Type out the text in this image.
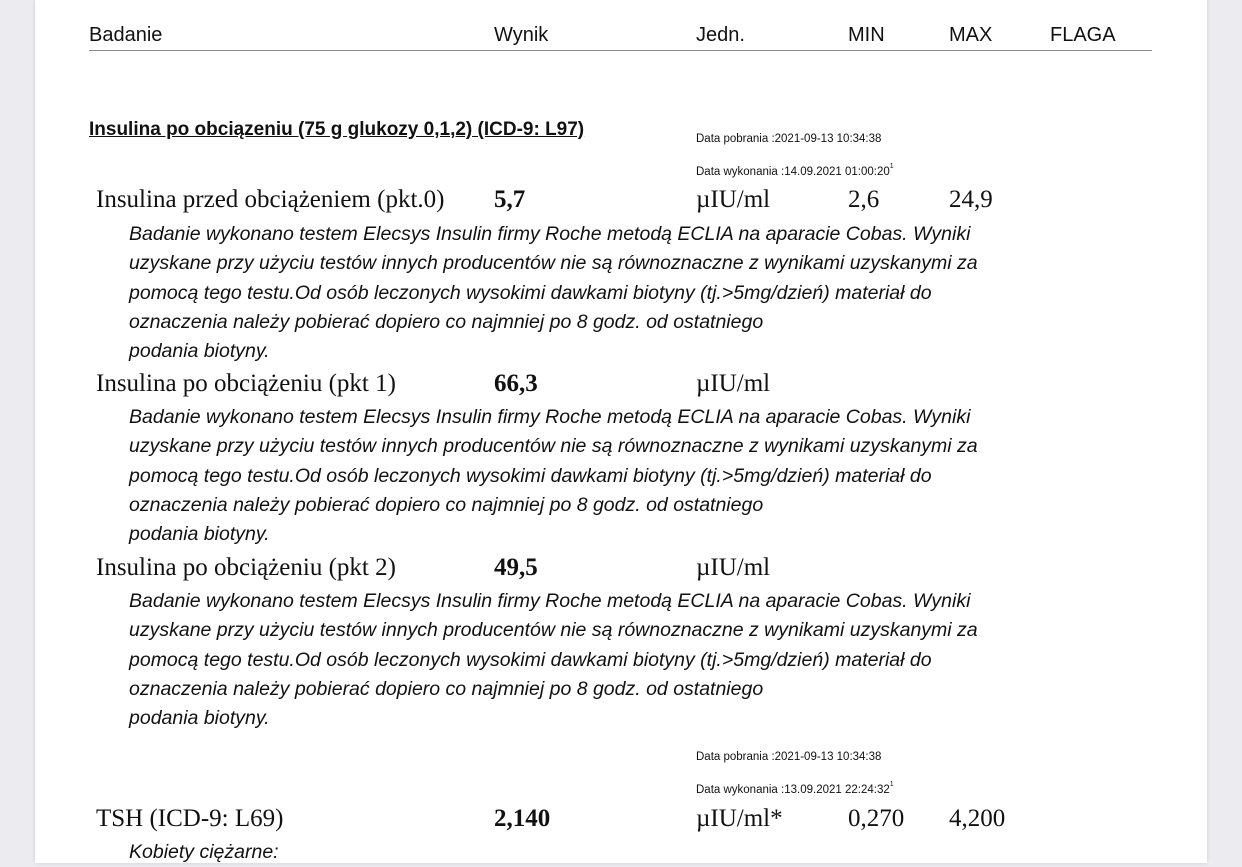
Badanie	Wynik	Jedn.	MIN	MAX	FLAGA
Insulina po obciązeniu (75 g glukozy 0,1,2) (ICD-9: L97)	Data pobrania :2021-09-13 10:34:38
Data wykonania :14.09.2021 $01:00:20^1$
Insulina przed obciążeniem (pkt.0) 5,7	µIU/ml	2,6	24,9
Badanie wykonano testem Elecsys Insulin firmy Roche metodą ECLIA na aparacie Cobas. Wyniki
uzyskane przy użyciu testów innych producentów nie są równoznaczne z wynikami uzyskanymi za
pomocą tego testu.Od osób leczonych wysokimi dawkami biotyny (tj.>5mg/dzień) materiał do
oznaczenia należy pobierać dopiero co najmniej po 8 godz. od ostatniego
podania biotyny.
Insulina po obciążeniu (pkt 1)	66,3	µIU/ml
Badanie wykonano testem Elecsys Insulin firmy Roche metodą ECLIA na aparacie Cobas. Wyniki
uzyskane przy użyciu testów innych producentów nie są równoznaczne z wynikami uzyskanymi za
pomocą tego testu.Od osób leczonych wysokimi dawkami biotyny (tj.>5mg/dzień) materiał do
oznaczenia należy pobierać dopiero co najmniej po 8 godz. od ostatniego
podania biotyny.
Insulina po obciążeniu (pkt 2)	49,5	µIU/ml
Badanie wykonano testem Elecsys Insulin firmy Roche metodą ECLIA na aparacie Cobas. Wyniki
uzyskane przy użyciu testów innych producentów nie są równoznaczne z wynikami uzyskanymi za
pomocą tego testu.Od osób leczonych wysokimi dawkami biotyny (tj.>5mg/dzień) materiał do
oznaczenia należy pobierać dopiero co najmniej po 8 godz. od ostatniego
podania biotyny.
Data pobrania :2021-09-13 10:34:38
Data wykonania :13.09.2021 $22:24:32^1$
TSH (ICD-9: L69)	2,140	µIU/ml*	0,270 4,200
Kobiety ciężarne:
